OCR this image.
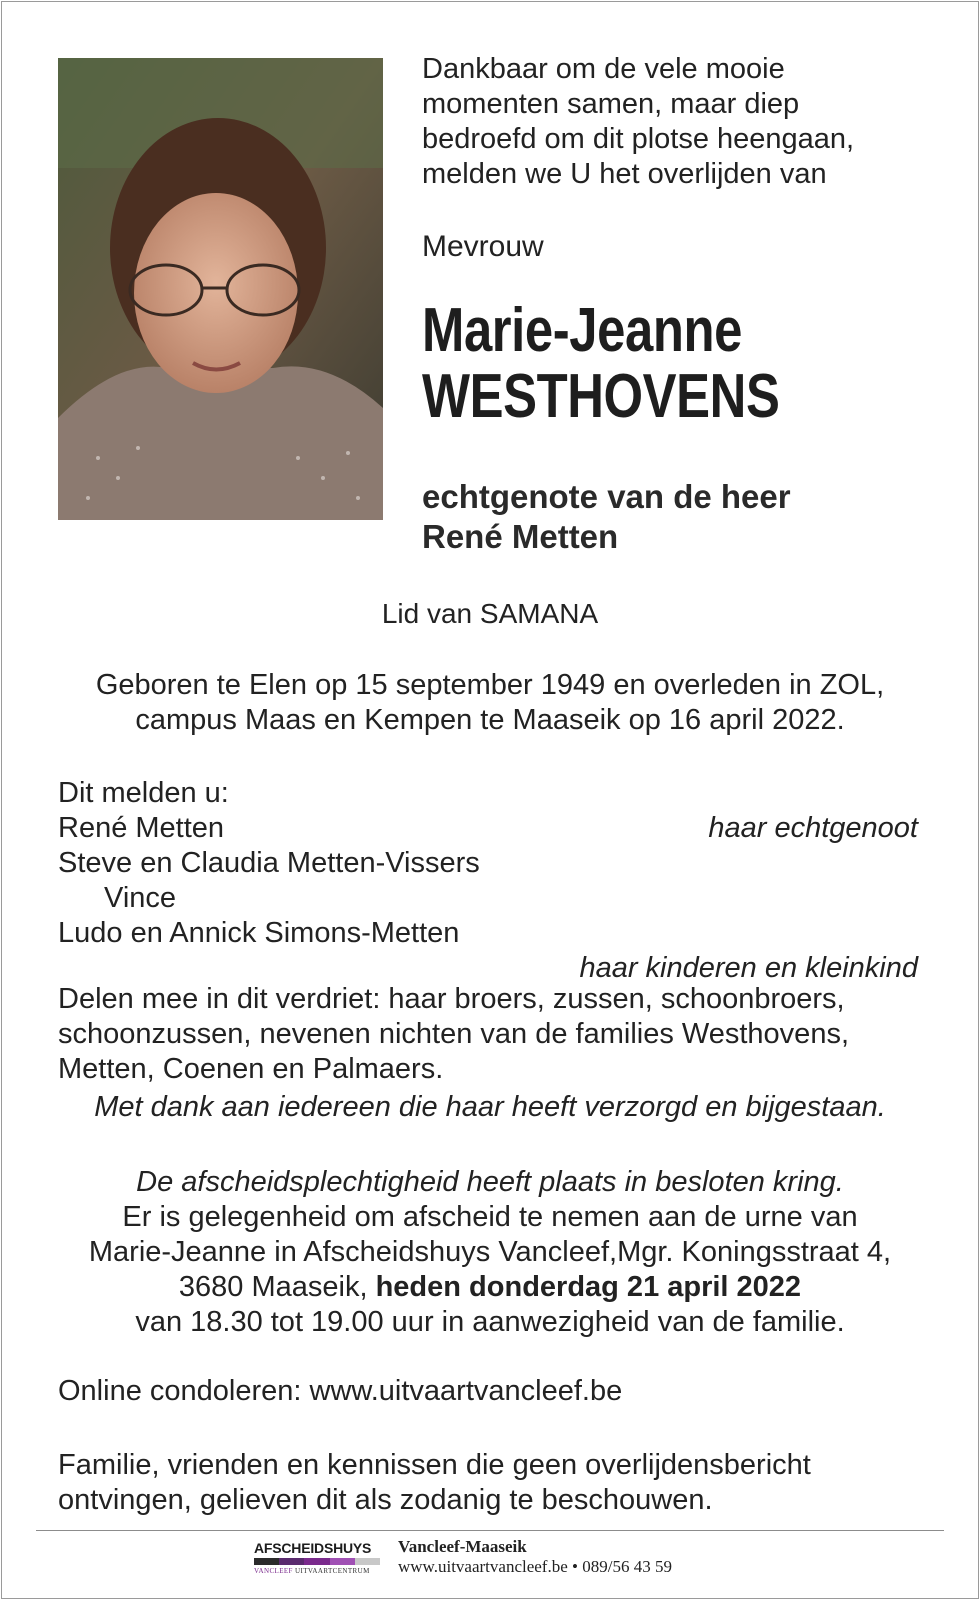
Dankbaar om de vele mooie
momenten samen, maar diep
bedroefd om dit plotse heengaan,
melden we U het overlijden van
Mevrouw
Marie-Jeanne
WESTHOVENS
echtgenote van de heer
René Metten
Lid van SAMANA
Geboren te Elen op 15 september 1949 en overleden in ZOL,
campus Maas en Kempen te Maaseik op 16 april 2022.
Dit melden u:
René Metten	haar echtgenoot
Steve en Claudia Metten-Vissers
Vince
Ludo en Annick Simons-Metten
haar kinderen en kleinkind
Delen mee in dit verdriet: haar broers, zussen, schoonbroers,
schoonzussen, nevenen nichten van de families Westhovens,
Metten, Coenen en Palmaers.
Met dank aan iedereen die haar heeft verzorgd en bijgestaan.
De afscheidsplechtigheid heeft plaats in besloten kring.
Er is gelegenheid om afscheid te nemen aan de urne van
Marie-Jeanne in Afscheidshuys Vancleef,Mgr. Koningsstraat 4,
3680 Maaseik, heden donderdag 21 april 2022
van 18.30 tot 19.00 uur in aanwezigheid van de familie.
Online condoleren: www.uitvaartvancleef.be
Familie, vrienden en kennissen die geen overlijdensbericht
ontvingen, gelieven dit als zodanig te beschouwen.
AFSCHEIDSHUYS
VANCLEEF UITVAARTCENTRUM
Vancleef-Maaseik
www.uitvaartvancleef.be • 089/56 43 59
